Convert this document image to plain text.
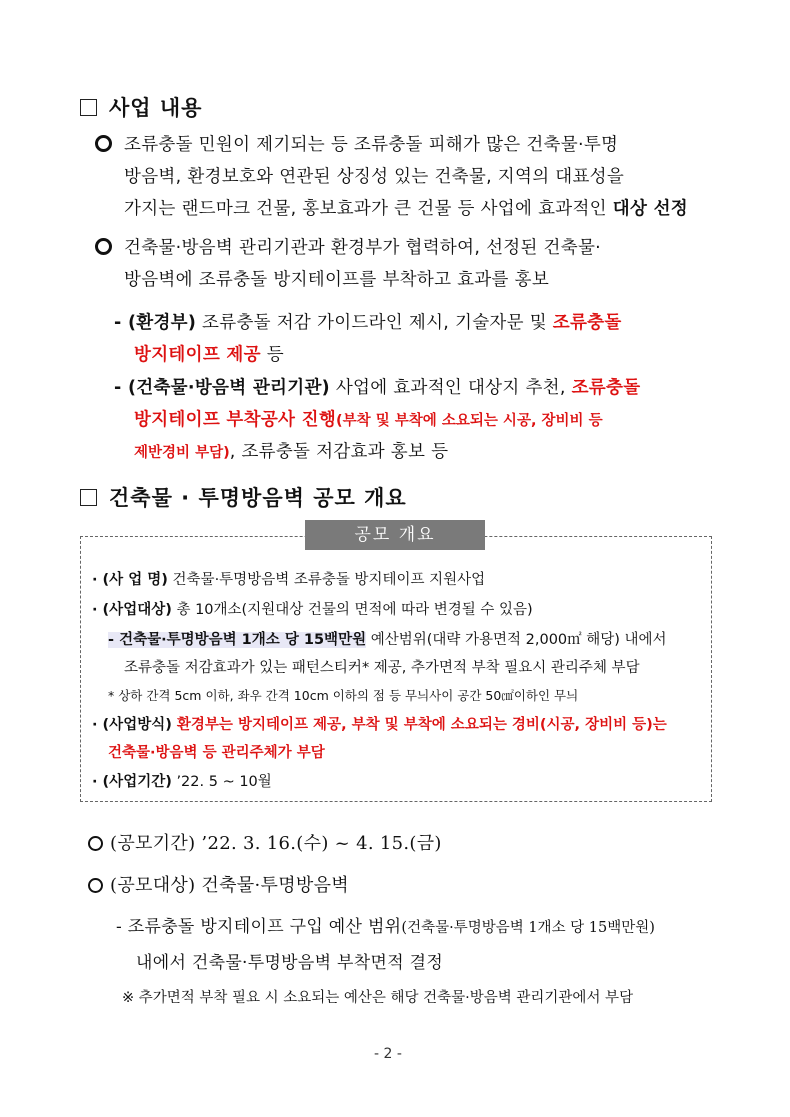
사업 내용
조류충돌 민원이 제기되는 등 조류충돌 피해가 많은 건축물·투명
방음벽, 환경보호와 연관된 상징성 있는 건축물, 지역의 대표성을
가지는 랜드마크 건물, 홍보효과가 큰 건물 등 사업에 효과적인 대상 선정
건축물·방음벽 관리기관과 환경부가 협력하여, 선정된 건축물·
방음벽에 조류충돌 방지테이프를 부착하고 효과를 홍보
- (환경부) 조류충돌 저감 가이드라인 제시, 기술자문 및 조류충돌
방지테이프 제공 등
- (건축물·방음벽 관리기관) 사업에 효과적인 대상지 추천, 조류충돌
방지테이프 부착공사 진행(부착 및 부착에 소요되는 시공, 장비비 등
제반경비 부담), 조류충돌 저감효과 홍보 등
건축물 · 투명방음벽 공모 개요
공모 개요
· (사 업 명) 건축물·투명방음벽 조류충돌 방지테이프 지원사업
· (사업대상) 총 10개소(지원대상 건물의 면적에 따라 변경될 수 있음)
- 건축물·투명방음벽 1개소 당 15백만원 예산범위(대략 가용면적 2,000㎡ 해당) 내에서
조류충돌 저감효과가 있는 패턴스티커* 제공, 추가면적 부착 필요시 관리주체 부담
* 상하 간격 5cm 이하, 좌우 간격 10cm 이하의 점 등 무늬사이 공간 50㎠이하인 무늬
· (사업방식) 환경부는 방지테이프 제공, 부착 및 부착에 소요되는 경비(시공, 장비비 등)는
건축물·방음벽 등 관리주체가 부담
· (사업기간) ’22. 5 ~ 10월
(공모기간) ’22. 3. 16.(수) ~ 4. 15.(금)
(공모대상) 건축물·투명방음벽
- 조류충돌 방지테이프 구입 예산 범위(건축물·투명방음벽 1개소 당 15백만원)
내에서 건축물·투명방음벽 부착면적 결정
※ 추가면적 부착 필요 시 소요되는 예산은 해당 건축물·방음벽 관리기관에서 부담
- 2 -
